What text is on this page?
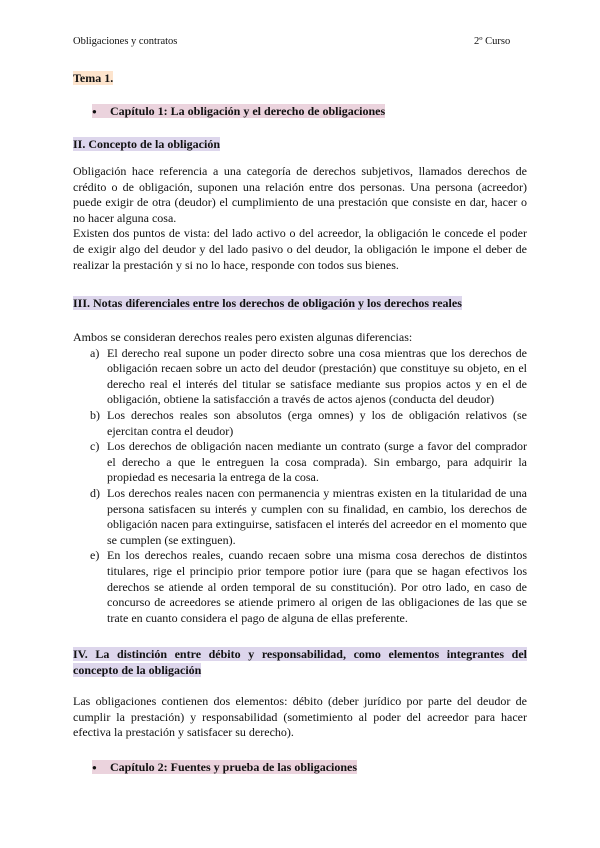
Obligaciones y contratos	2º Curso
Tema 1.
● Capítulo 1: La obligación y el derecho de obligaciones
II. Concepto de la obligación

Obligación hace referencia a una categoría de derechos subjetivos, llamados derechos de crédito o de obligación, suponen una relación entre dos personas. Una persona (acreedor) puede exigir de otra (deudor) el cumplimiento de una prestación que consiste en dar, hacer o no hacer alguna cosa.

Existen dos puntos de vista: del lado activo o del acreedor, la obligación le concede el poder de exigir algo del deudor y del lado pasivo o del deudor, la obligación le impone el deber de realizar la prestación y si no lo hace, responde con todos sus bienes.

III. Notas diferenciales entre los derechos de obligación y los derechos reales

Ambos se consideran derechos reales pero existen algunas diferencias:

a) El derecho real supone un poder directo sobre una cosa mientras que los derechos de obligación recaen sobre un acto del deudor (prestación) que constituye su objeto, en el derecho real el interés del titular se satisface mediante sus propios actos y en el de obligación, obtiene la satisfacción a través de actos ajenos (conducta del deudor)
b) Los derechos reales son absolutos (erga omnes) y los de obligación relativos (se ejercitan contra el deudor)
c) Los derechos de obligación nacen mediante un contrato (surge a favor del comprador el derecho a que le entreguen la cosa comprada). Sin embargo, para adquirir la propiedad es necesaria la entrega de la cosa.
d) Los derechos reales nacen con permanencia y mientras existen en la titularidad de una persona satisfacen su interés y cumplen con su finalidad, en cambio, los derechos de obligación nacen para extinguirse, satisfacen el interés del acreedor en el momento que se cumplen (se extinguen).
e) En los derechos reales, cuando recaen sobre una misma cosa derechos de distintos titulares, rige el principio prior tempore potior iure (para que se hagan efectivos los derechos se atiende al orden temporal de su constitución). Por otro lado, en caso de concurso de acreedores se atiende primero al origen de las obligaciones de las que se trate en cuanto considera el pago de alguna de ellas preferente.
IV. La distinción entre débito y responsabilidad, como elementos integrantes del concepto de la obligación

Las obligaciones contienen dos elementos: débito (deber jurídico por parte del deudor de cumplir la prestación) y responsabilidad (sometimiento al poder del acreedor para hacer efectiva la prestación y satisfacer su derecho).

● Capítulo 2: Fuentes y prueba de las obligaciones
